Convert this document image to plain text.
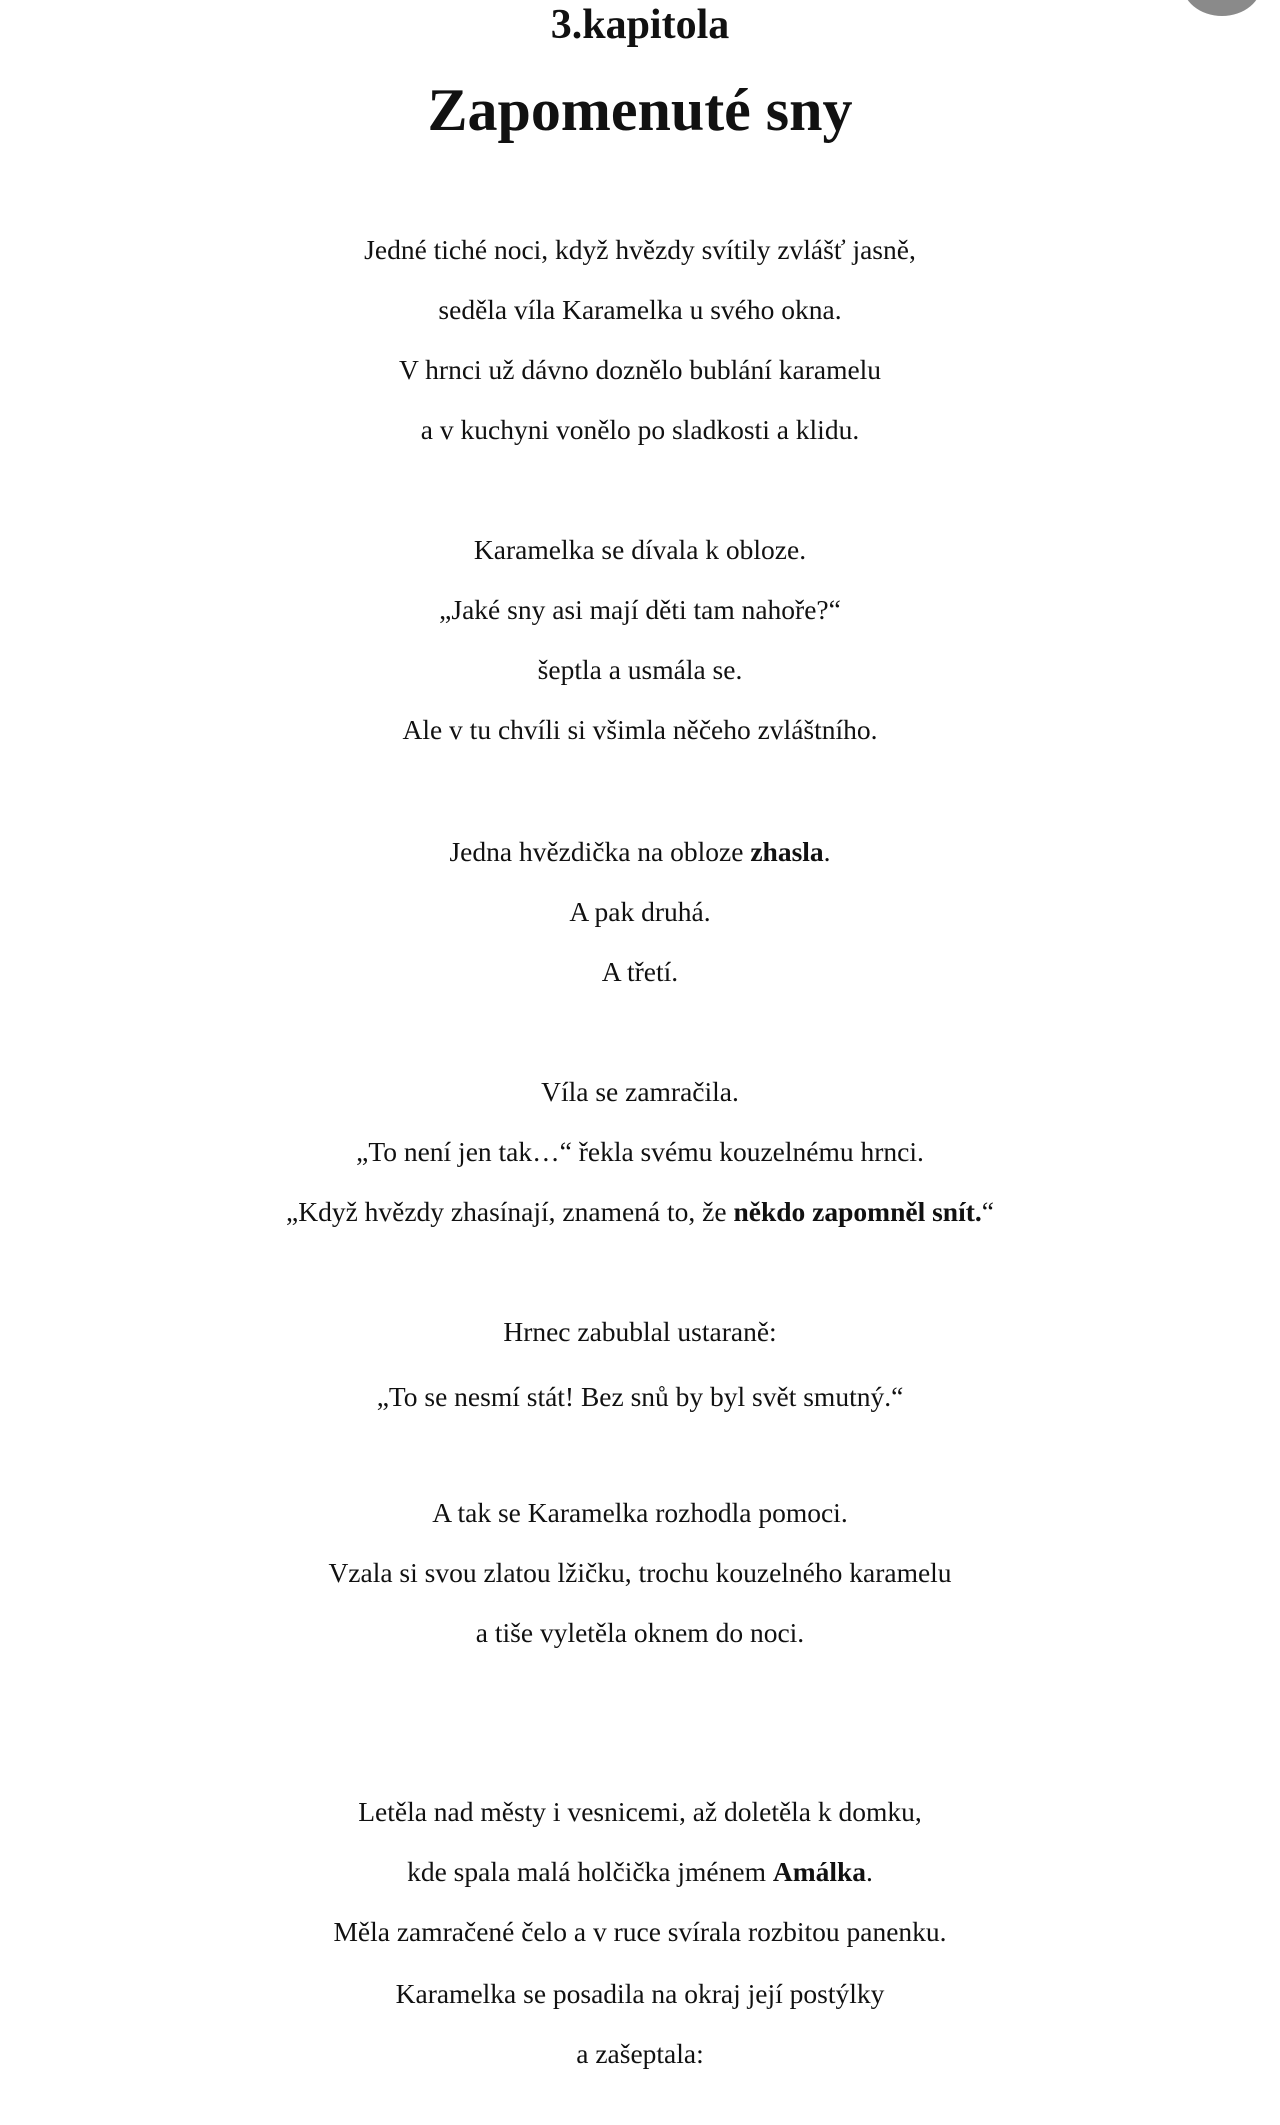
3.kapitola
Zapomenuté sny
Jedné tiché noci, když hvězdy svítily zvlášť jasně,
seděla víla Karamelka u svého okna.
V hrnci už dávno doznělo bublání karamelu
a v kuchyni vonělo po sladkosti a klidu.
Karamelka se dívala k obloze.
„Jaké sny asi mají děti tam nahoře?“
šeptla a usmála se.
Ale v tu chvíli si všimla něčeho zvláštního.
Jedna hvězdička na obloze zhasla.
A pak druhá.
A třetí.
Víla se zamračila.
„To není jen tak…“ řekla svému kouzelnému hrnci.
„Když hvězdy zhasínají, znamená to, že někdo zapomněl snít.“
Hrnec zabublal ustaraně:
„To se nesmí stát! Bez snů by byl svět smutný.“
A tak se Karamelka rozhodla pomoci.
Vzala si svou zlatou lžičku, trochu kouzelného karamelu
a tiše vyletěla oknem do noci.
Letěla nad městy i vesnicemi, až doletěla k domku,
kde spala malá holčička jménem Amálka.
Měla zamračené čelo a v ruce svírala rozbitou panenku.
Karamelka se posadila na okraj její postýlky
a zašeptala:
